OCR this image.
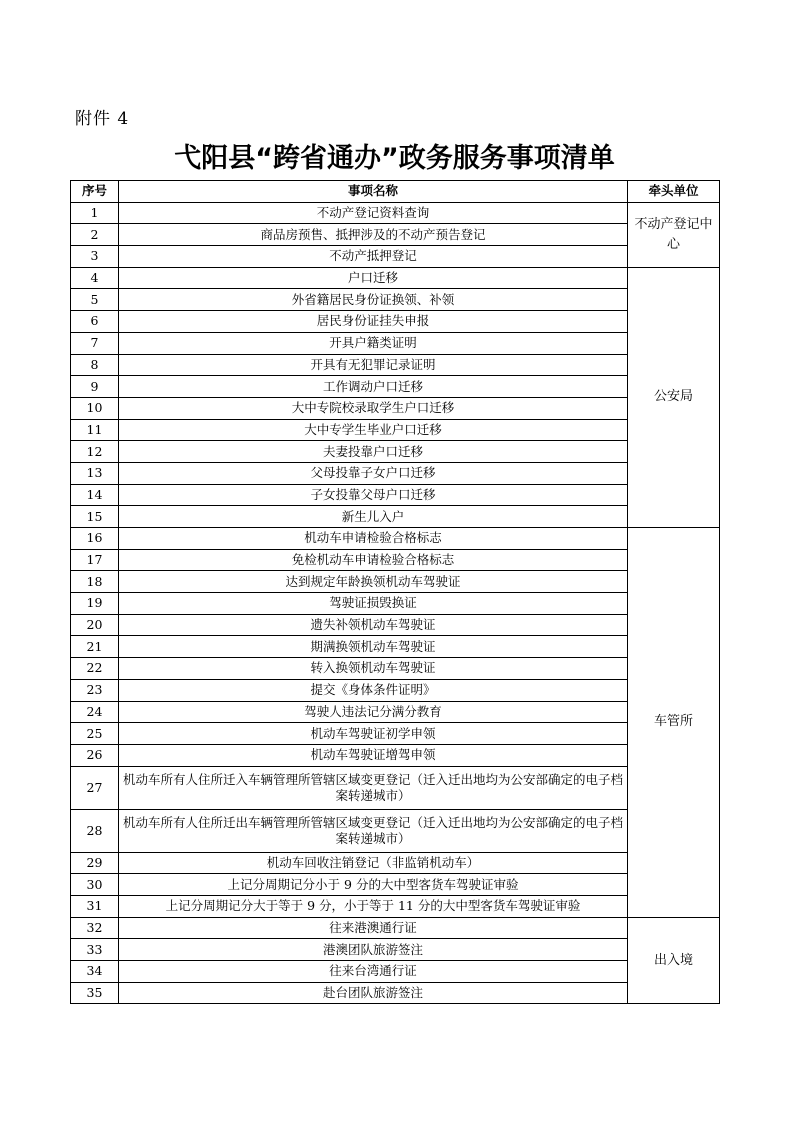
附件 4
弋阳县“跨省通办”政务服务事项清单
序号	事项名称	牵头单位
1	不动产登记资料查询	不动产登记中心
2	商品房预售、抵押涉及的不动产预告登记	
3	不动产抵押登记	
4	户口迁移	公安局
5	外省籍居民身份证换领、补领	
6	居民身份证挂失申报	
7	开具户籍类证明	
8	开具有无犯罪记录证明	
9	工作调动户口迁移	
10	大中专院校录取学生户口迁移	
11	大中专学生毕业户口迁移	
12	夫妻投靠户口迁移	
13	父母投靠子女户口迁移	
14	子女投靠父母户口迁移	
15	新生儿入户	
16	机动车申请检验合格标志	车管所
17	免检机动车申请检验合格标志	
18	达到规定年龄换领机动车驾驶证	
19	驾驶证损毁换证	
20	遗失补领机动车驾驶证	
21	期满换领机动车驾驶证	
22	转入换领机动车驾驶证	
23	提交《身体条件证明》	
24	驾驶人违法记分满分教育	
25	机动车驾驶证初学申领	
26	机动车驾驶证增驾申领	
27	机动车所有人住所迁入车辆管理所管辖区域变更登记（迁入迁出地均为公安部确定的电子档案转递城市）	
28	机动车所有人住所迁出车辆管理所管辖区域变更登记（迁入迁出地均为公安部确定的电子档案转递城市）	
29	机动车回收注销登记（非监销机动车）	
30	上记分周期记分小于 9 分的大中型客货车驾驶证审验	
31	上记分周期记分大于等于 9 分，小于等于 11 分的大中型客货车驾驶证审验	
32	往来港澳通行证	出入境
33	港澳团队旅游签注	
34	往来台湾通行证	
35	赴台团队旅游签注	
